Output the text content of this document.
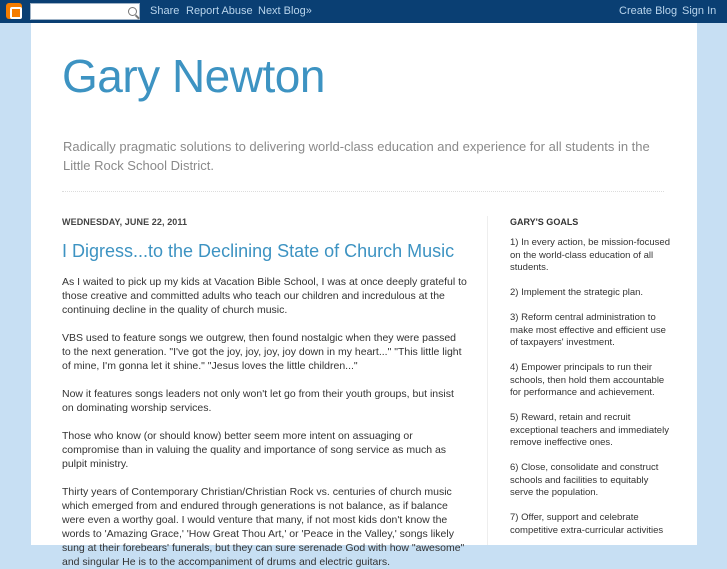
Share Report Abuse Next Blog»	Create Blog Sign In
Gary Newton
Radically pragmatic solutions to delivering world-class education and experience for all students in the Little Rock School District.
WEDNESDAY, JUNE 22, 2011
I Digress...to the Declining State of Church Music

As I waited to pick up my kids at Vacation Bible School, I was at once deeply grateful to those creative and committed adults who teach our children and incredulous at the continuing decline in the quality of church music.

VBS used to feature songs we outgrew, then found nostalgic when they were passed to the next generation. "I've got the joy, joy, joy, joy down in my heart..." "This little light of mine, I'm gonna let it shine." "Jesus loves the little children..."

Now it features songs leaders not only won't let go from their youth groups, but insist on dominating worship services.

Those who know (or should know) better seem more intent on assuaging or compromise than in valuing the quality and importance of song service as much as pulpit ministry.

Thirty years of Contemporary Christian/Christian Rock vs. centuries of church music which emerged from and endured through generations is not balance, as if balance were even a worthy goal. I would venture that many, if not most kids don't know the words to 'Amazing Grace,' 'How Great Thou Art,' or 'Peace in the Valley,' songs likely sung at their forebears' funerals, but they can sure serenade God with how "awesome" and singular He is to the accompaniment of drums and electric guitars.

GARY'S GOALS

1) In every action, be mission-focused on the world-class education of all students.

2) Implement the strategic plan.

3) Reform central administration to make most effective and efficient use of taxpayers' investment.

4) Empower principals to run their schools, then hold them accountable for performance and achievement.

5) Reward, retain and recruit exceptional teachers and immediately remove ineffective ones.

6) Close, consolidate and construct schools and facilities to equitably serve the population.

7) Offer, support and celebrate competitive extra-curricular activities
